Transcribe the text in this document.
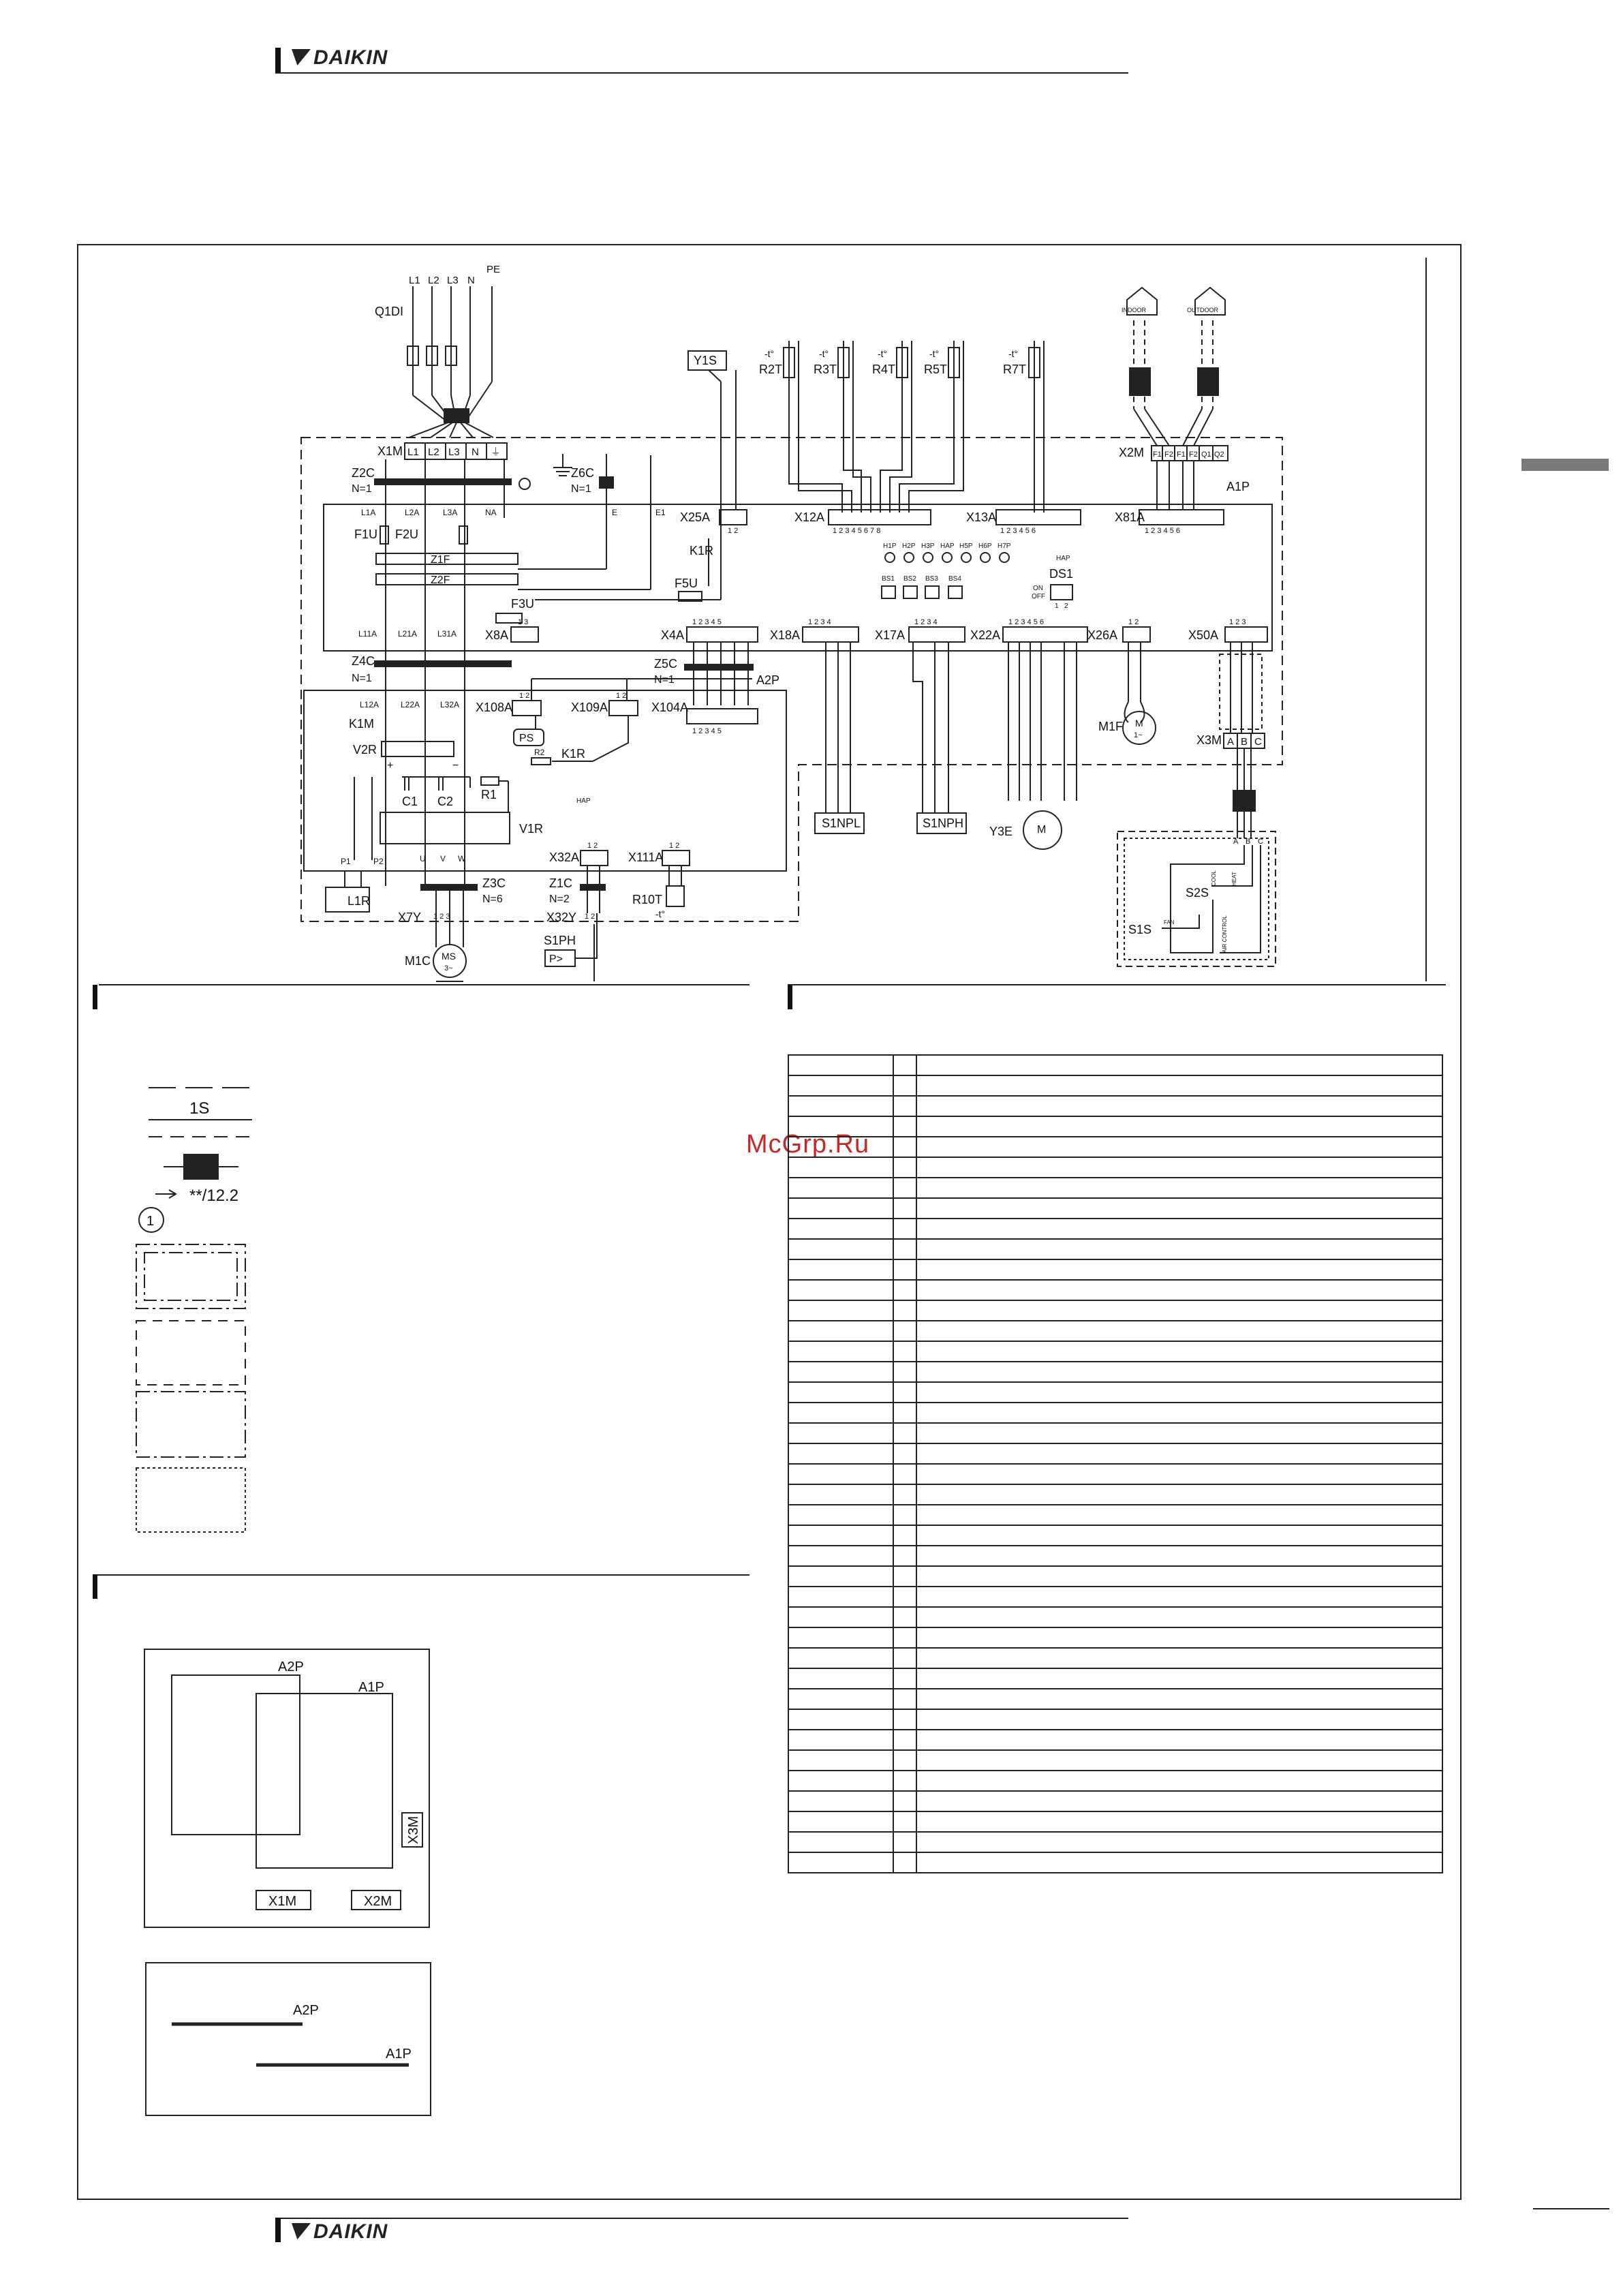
DAIKIN
McGrp.Ru
L1 L2 L3 N
PE
Q1DI
X1M L1 L2 L3 N ⏚
Z2C
N=1
Z6C
N=1	A1P
L1A	L2A	L3A	NA	E	E1
F1U F2U
Z1F
Z2F
F3U
F5U
K1R
Y1S
X25A	X12A	X13A	X81A
1 2	1 2 3 4 5 6 7 8	1 2 3 4 5 6	1 2 3 4 5 6
R2T	R3T	R4T R5T	R7T
-t°	-t°	-t°	-t°	-t°
H1P H2P H3P HAP H5P H6P H7P
HAP
BS1 BS2 BS3 BS4	DS1
ON
OFF
1 2
L11A	L21A L31A X8A
1 3
X4A
1 2 3 4 5
X18A
1 2 3 4
X17A
1 2 3 4
X22A
1 2 3 4 5 6
X26A
1 2
X50A
1 2 3
Z4C
N=1
Z5C
N=1	A2P
L12A	L22A L32A X108A
1 2
X109A
1 2
X104A
1 2 3 4 5
K1M
PS
V2R	K1R
R2
+	−
C1 C2 R1	HAP
V1R
P1	P2	U V W	X32A
1 2
X111A
1 2
Z3C
N=6
Z1C
N=2	R10T
-t°
L1R
X7Y 1 2 3	X32Y 1 2
S1PH
P>
M1C MS
3~
S1NPL	S1NPH
Y3E M
M1F M
1~
X2M F1 F2 F1 F2 Q1 Q2
INDOOR	OUTDOOR
X3M A B C
A B C
S2S
S1S
FAN	AIR CONTROL
COOL	HEAT
1S
**/12.2
1

A2P
A1P
X3M
X1M	X2M
A2P
A1P
DAIKIN
